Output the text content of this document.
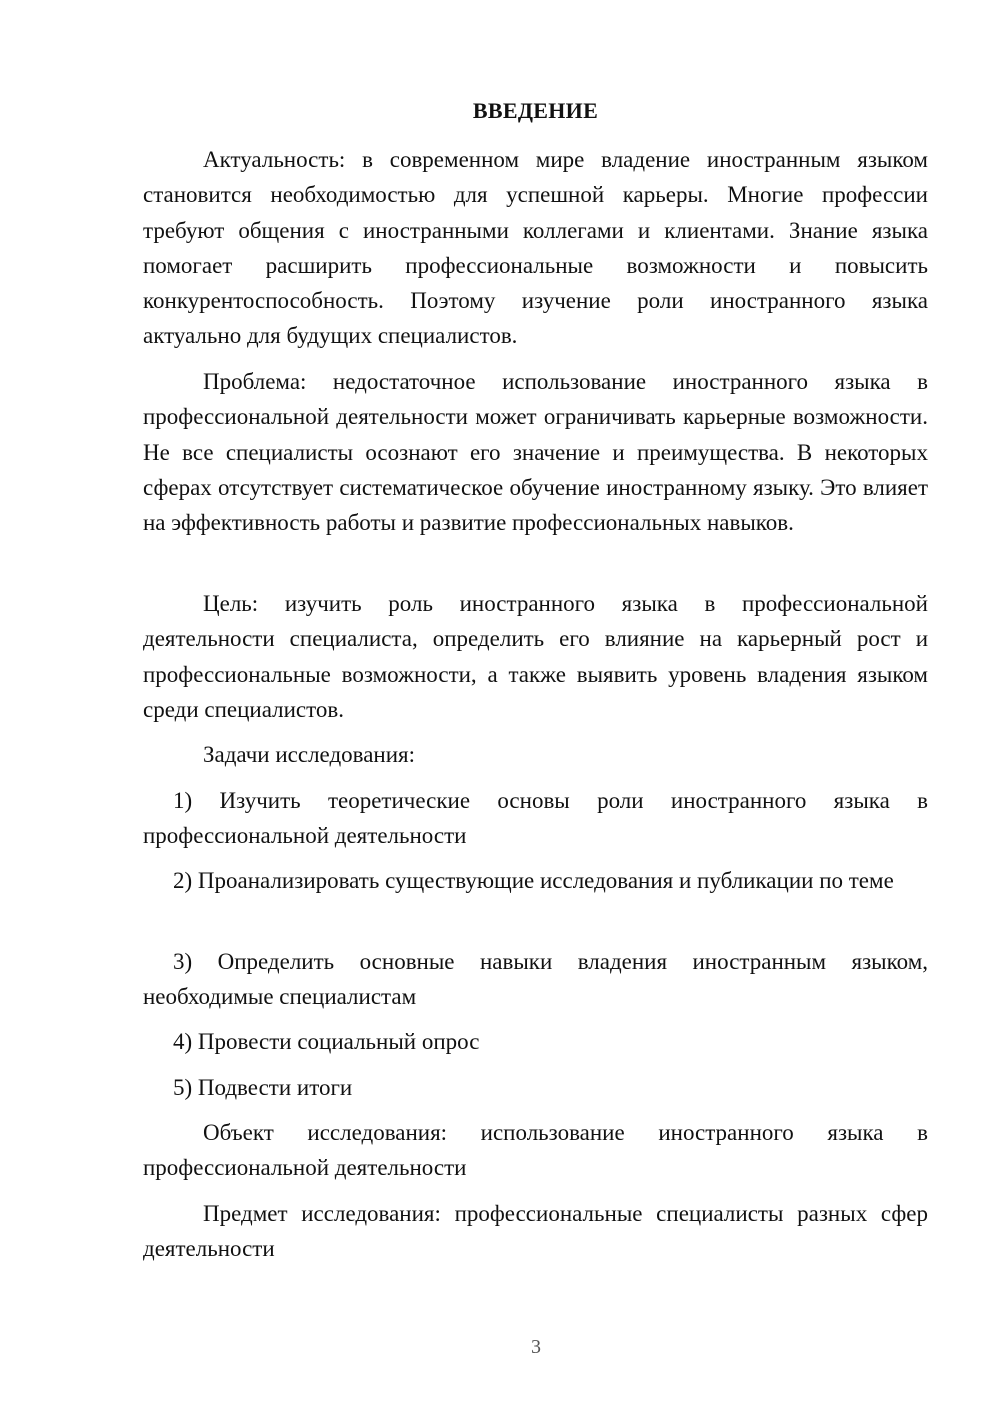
ВВЕДЕНИЕ

Актуальность: в современном мире владение иностранным языком становится необходимостью для успешной карьеры. Многие профессии требуют общения с иностранными коллегами и клиентами. Знание языка помогает расширить профессиональные возможности и повысить конкурентоспособность. Поэтому изучение роли иностранного языка актуально для будущих специалистов.

Проблема: недостаточное использование иностранного языка в профессиональной деятельности может ограничивать карьерные возможности. Не все специалисты осознают его значение и преимущества. В некоторых сферах отсутствует систематическое обучение иностранному языку. Это влияет на эффективность работы и развитие профессиональных навыков.

Цель: изучить роль иностранного языка в профессиональной деятельности специалиста, определить его влияние на карьерный рост и профессиональные возможности, а также выявить уровень владения языком среди специалистов.

Задачи исследования:

1) Изучить теоретические основы роли иностранного языка в профессиональной деятельности

2) Проанализировать существующие исследования и публикации по теме

3) Определить основные навыки владения иностранным языком, необходимые специалистам

4) Провести социальный опрос

5) Подвести итоги

Объект исследования: использование иностранного языка в профессиональной деятельности

Предмет исследования: профессиональные специалисты разных сфер деятельности

3
